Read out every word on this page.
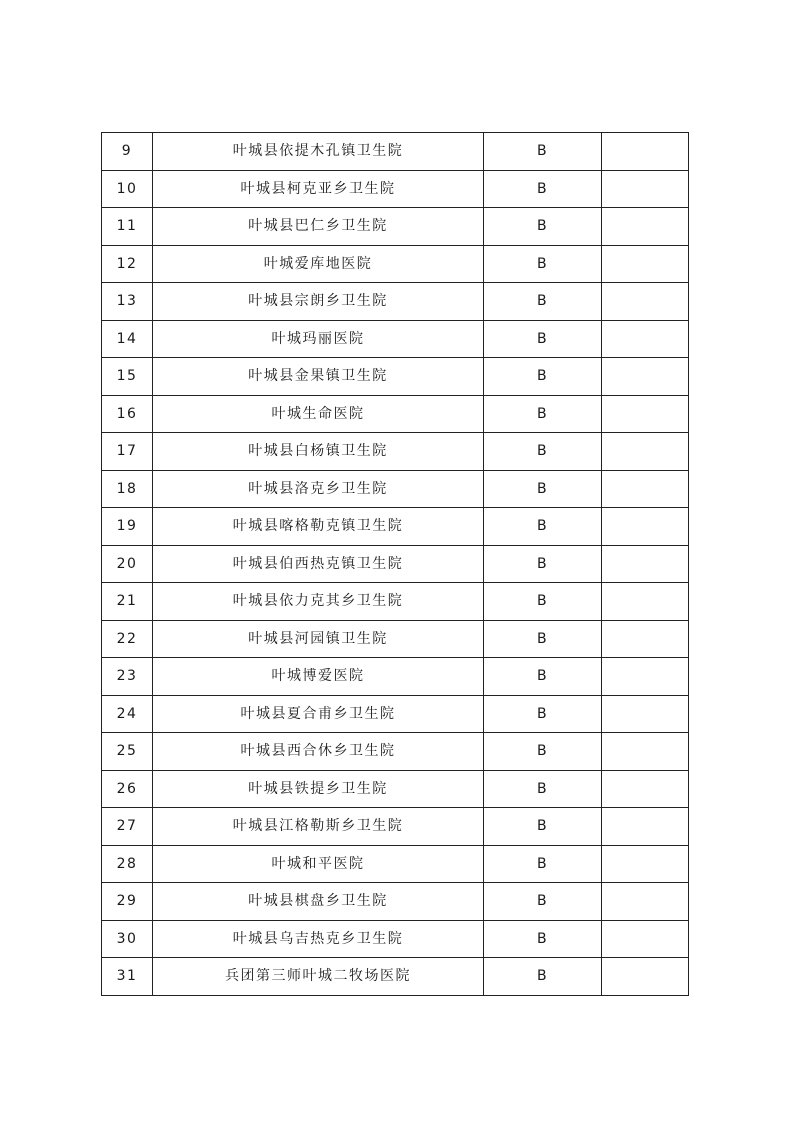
9	叶城县依提木孔镇卫生院	B	
10	叶城县柯克亚乡卫生院	B	
11	叶城县巴仁乡卫生院	B	
12	叶城爱库地医院	B	
13	叶城县宗朗乡卫生院	B	
14	叶城玛丽医院	B	
15	叶城县金果镇卫生院	B	
16	叶城生命医院	B	
17	叶城县白杨镇卫生院	B	
18	叶城县洛克乡卫生院	B	
19	叶城县喀格勒克镇卫生院	B	
20	叶城县伯西热克镇卫生院	B	
21	叶城县依力克其乡卫生院	B	
22	叶城县河园镇卫生院	B	
23	叶城博爱医院	B	
24	叶城县夏合甫乡卫生院	B	
25	叶城县西合休乡卫生院	B	
26	叶城县铁提乡卫生院	B	
27	叶城县江格勒斯乡卫生院	B	
28	叶城和平医院	B	
29	叶城县棋盘乡卫生院	B	
30	叶城县乌吉热克乡卫生院	B	
31	兵团第三师叶城二牧场医院	B	
